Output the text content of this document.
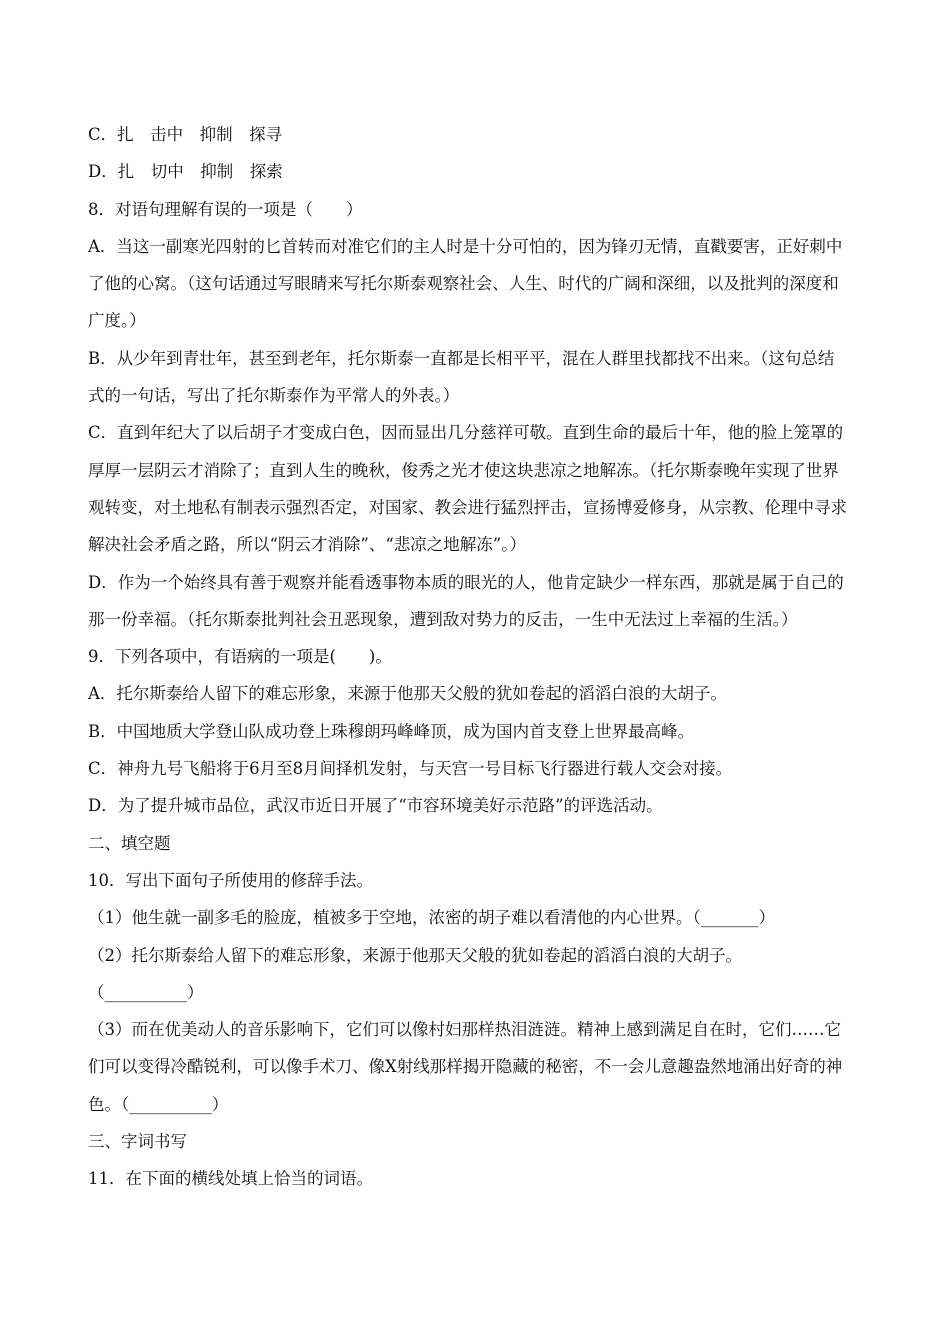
C．扎　击中　抑制　探寻
D．扎　切中　抑制　探索
8．对语句理解有误的一项是（　　）
A．当这一副寒光四射的匕首转而对准它们的主人时是十分可怕的，因为锋刃无情，直戳要害，正好刺中
了他的心窝。（这句话通过写眼睛来写托尔斯泰观察社会、人生、时代的广阔和深细，以及批判的深度和
广度。）
B．从少年到青壮年，甚至到老年，托尔斯泰一直都是长相平平，混在人群里找都找不出来。（这句总结
式的一句话，写出了托尔斯泰作为平常人的外表。）
C．直到年纪大了以后胡子才变成白色，因而显出几分慈祥可敬。直到生命的最后十年，他的脸上笼罩的
厚厚一层阴云才消除了；直到人生的晚秋，俊秀之光才使这块悲凉之地解冻。（托尔斯泰晚年实现了世界
观转变，对土地私有制表示强烈否定，对国家、教会进行猛烈抨击，宣扬博爱修身，从宗教、伦理中寻求
解决社会矛盾之路，所以“阴云才消除”、“悲凉之地解冻”。）
D．作为一个始终具有善于观察并能看透事物本质的眼光的人，他肯定缺少一样东西，那就是属于自己的
那一份幸福。（托尔斯泰批判社会丑恶现象，遭到敌对势力的反击，一生中无法过上幸福的生活。）
9．下列各项中，有语病的一项是(　　)。
A．托尔斯泰给人留下的难忘形象，来源于他那天父般的犹如卷起的滔滔白浪的大胡子。
B．中国地质大学登山队成功登上珠穆朗玛峰峰顶，成为国内首支登上世界最高峰。
C．神舟九号飞船将于6月至8月间择机发射，与天宫一号目标飞行器进行载人交会对接。
D．为了提升城市品位，武汉市近日开展了“市容环境美好示范路”的评选活动。
二、填空题
10．写出下面句子所使用的修辞手法。
（1）他生就一副多毛的脸庞，植被多于空地，浓密的胡子难以看清他的内心世界。（_______）
（2）托尔斯泰给人留下的难忘形象，来源于他那天父般的犹如卷起的滔滔白浪的大胡子。
（__________）
（3）而在优美动人的音乐影响下，它们可以像村妇那样热泪涟涟。精神上感到满足自在时，它们……它
们可以变得冷酷锐利，可以像手术刀、像X射线那样揭开隐藏的秘密，不一会儿意趣盎然地涌出好奇的神
色。（__________）
三、字词书写
11．在下面的横线处填上恰当的词语。
